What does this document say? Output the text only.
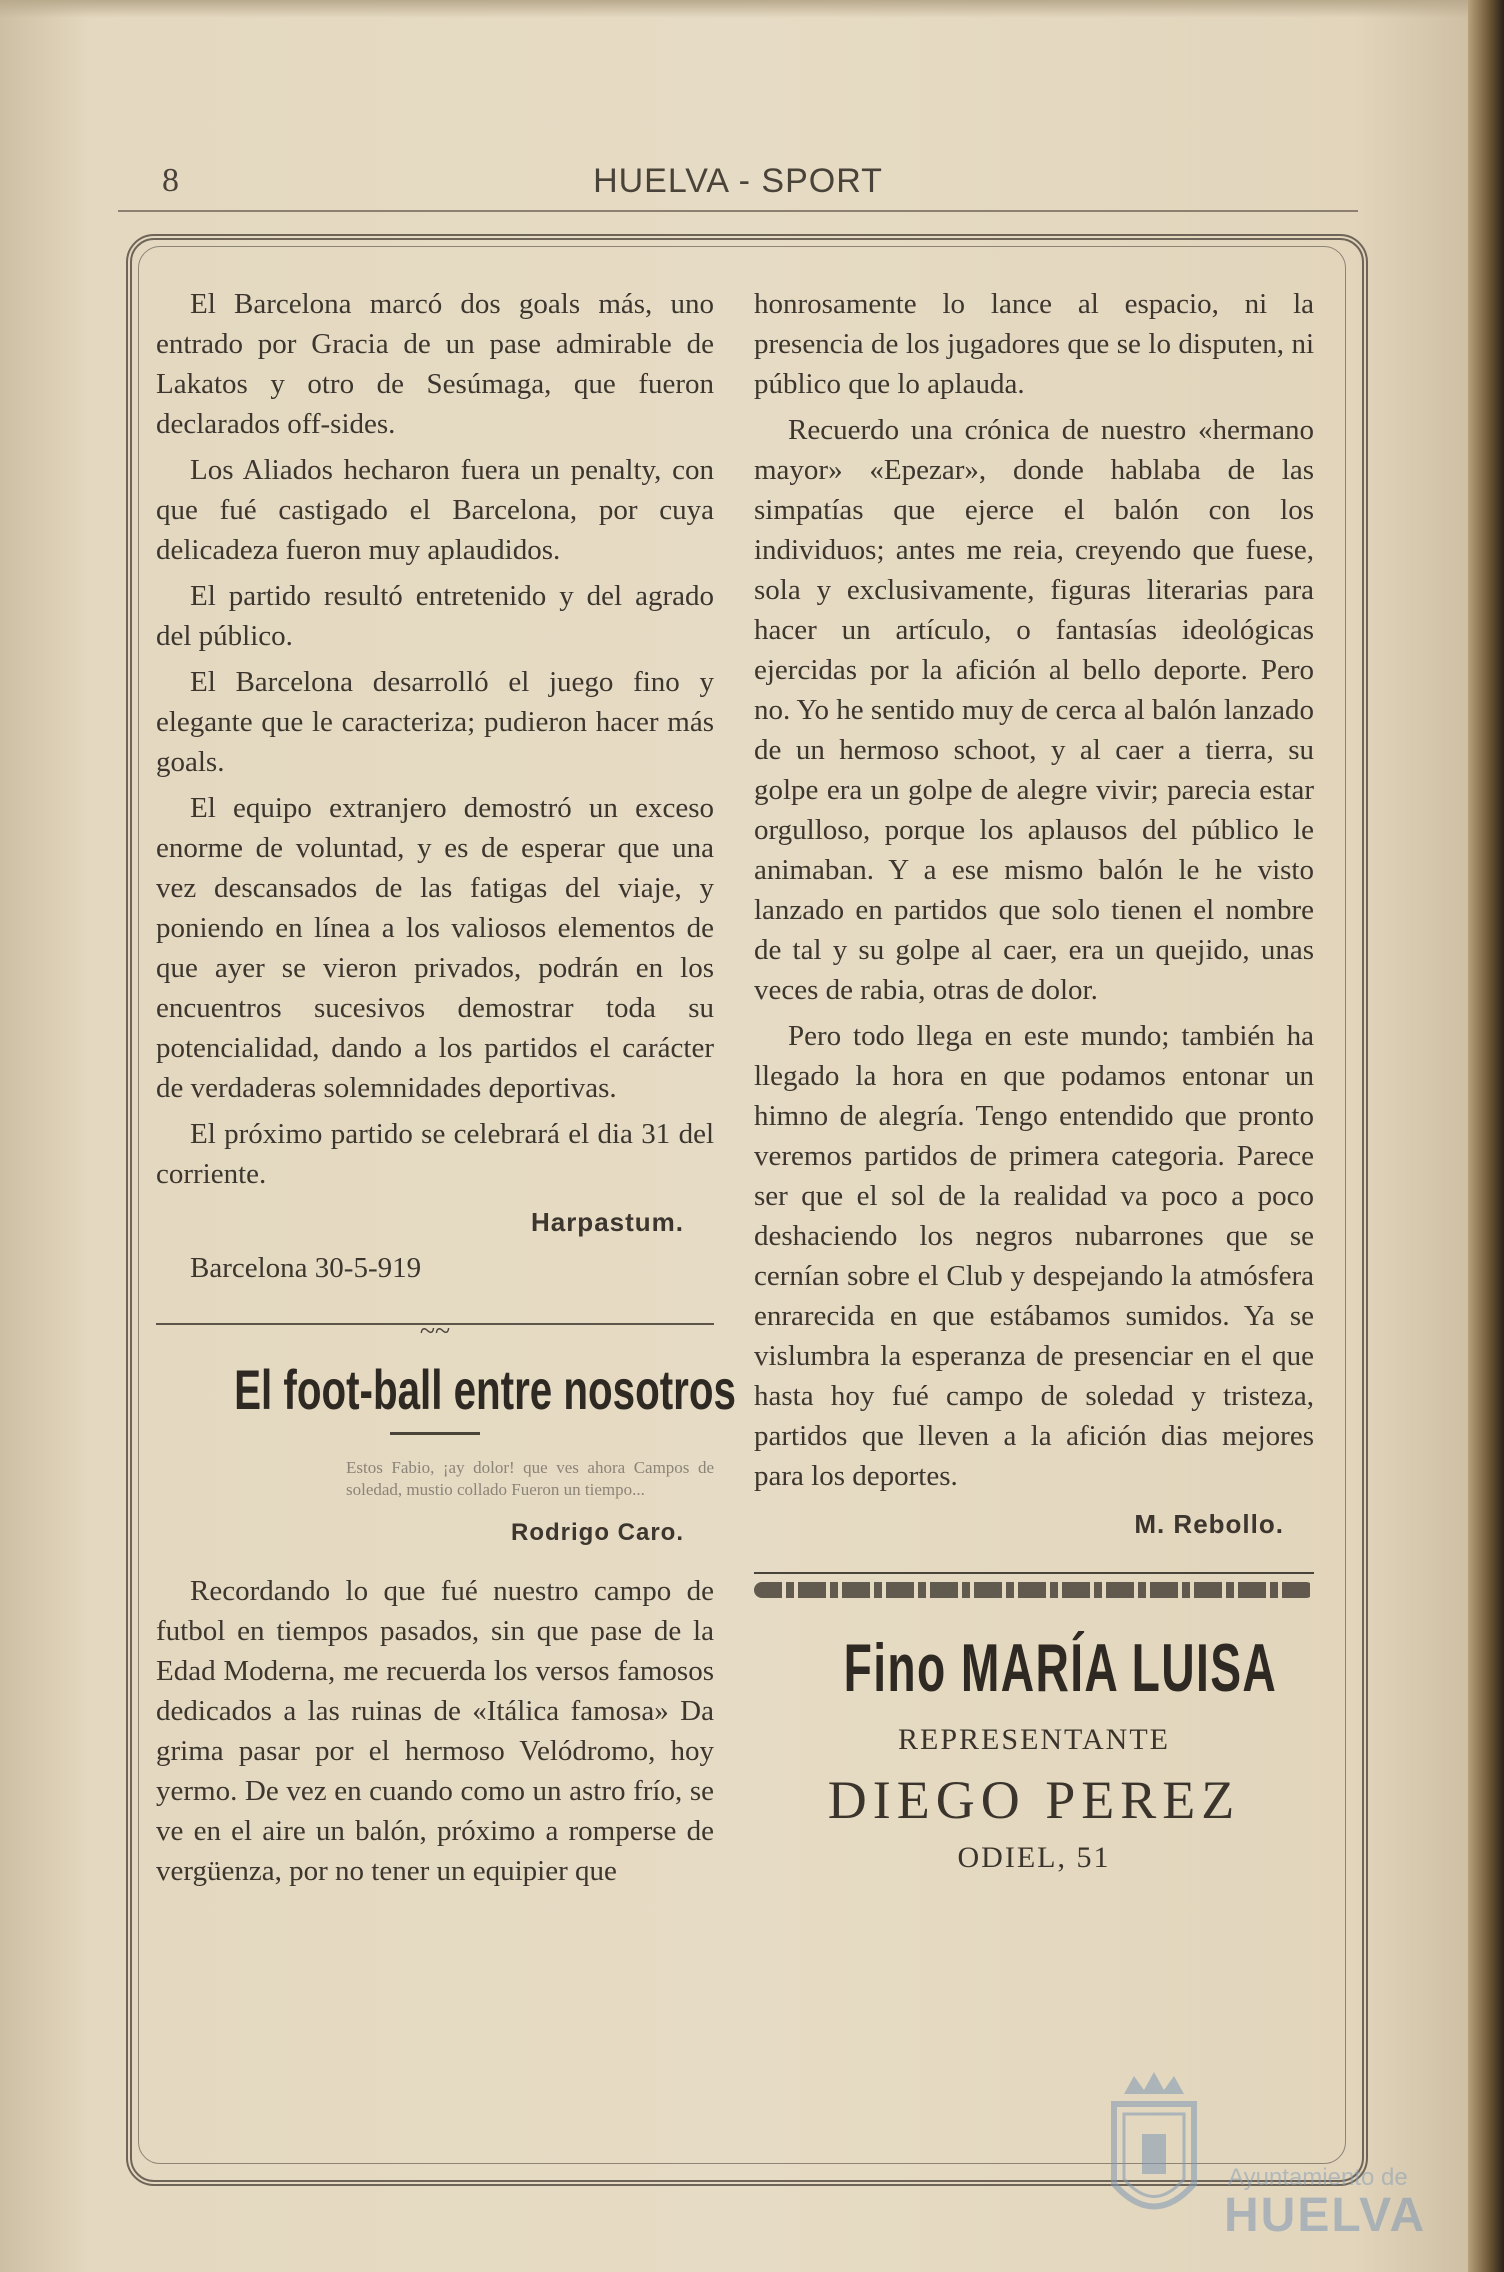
8	HUELVA - SPORT

El Barcelona marcó dos goals más, uno entrado por Gracia de un pase admirable de Lakatos y otro de Sesúmaga, que fueron declarados off-sides.

Los Aliados hecharon fuera un penalty, con que fué castigado el Barcelona, por cuya delicadeza fueron muy aplaudidos.

El partido resultó entretenido y del agrado del público.

El Barcelona desarrolló el juego fino y elegante que le caracteriza; pudieron hacer más goals.

El equipo extranjero demostró un exceso enorme de voluntad, y es de esperar que una vez descansados de las fatigas del viaje, y poniendo en línea a los valiosos elementos de que ayer se vieron privados, podrán en los encuentros sucesivos demostrar toda su potencialidad, dando a los partidos el carácter de verdaderas solemnidades deportivas.

El próximo partido se celebrará el dia 31 del corriente.

Harpastum.

Barcelona 30-5-919

~~
El foot-ball entre nosotros
Estos Fabio, ¡ay dolor! que ves ahora Campos de soledad, mustio collado Fueron un tiempo...
Rodrigo Caro.

Recordando lo que fué nuestro campo de futbol en tiempos pasados, sin que pase de la Edad Moderna, me recuerda los versos famosos dedicados a las ruinas de «Itálica famosa» Da grima pasar por el hermoso Velódromo, hoy yermo. De vez en cuando como un astro frío, se ve en el aire un balón, próximo a romperse de vergüenza, por no tener un equipier que

honrosamente lo lance al espacio, ni la presencia de los jugadores que se lo disputen, ni público que lo aplauda.

Recuerdo una crónica de nuestro «hermano mayor» «Epezar», donde hablaba de las simpatías que ejerce el balón con los individuos; antes me reia, creyendo que fuese, sola y exclusivamente, figuras literarias para hacer un artículo, o fantasías ideológicas ejercidas por la afición al bello deporte. Pero no. Yo he sentido muy de cerca al balón lanzado de un hermoso schoot, y al caer a tierra, su golpe era un golpe de alegre vivir; parecia estar orgulloso, porque los aplausos del público le animaban. Y a ese mismo balón le he visto lanzado en partidos que solo tienen el nombre de tal y su golpe al caer, era un quejido, unas veces de rabia, otras de dolor.

Pero todo llega en este mundo; también ha llegado la hora en que podamos entonar un himno de alegría. Tengo entendido que pronto veremos partidos de primera categoria. Parece ser que el sol de la realidad va poco a poco deshaciendo los negros nubarrones que se cernían sobre el Club y despejando la atmósfera enrarecida en que estábamos sumidos. Ya se vislumbra la esperanza de presenciar en el que hasta hoy fué campo de soledad y tristeza, partidos que lleven a la afición dias mejores para los deportes.

M. Rebollo.
Fino MARÍA LUISA
REPRESENTANTE
DIEGO PEREZ
ODIEL, 51
Ayuntamiento de
HUELVA
